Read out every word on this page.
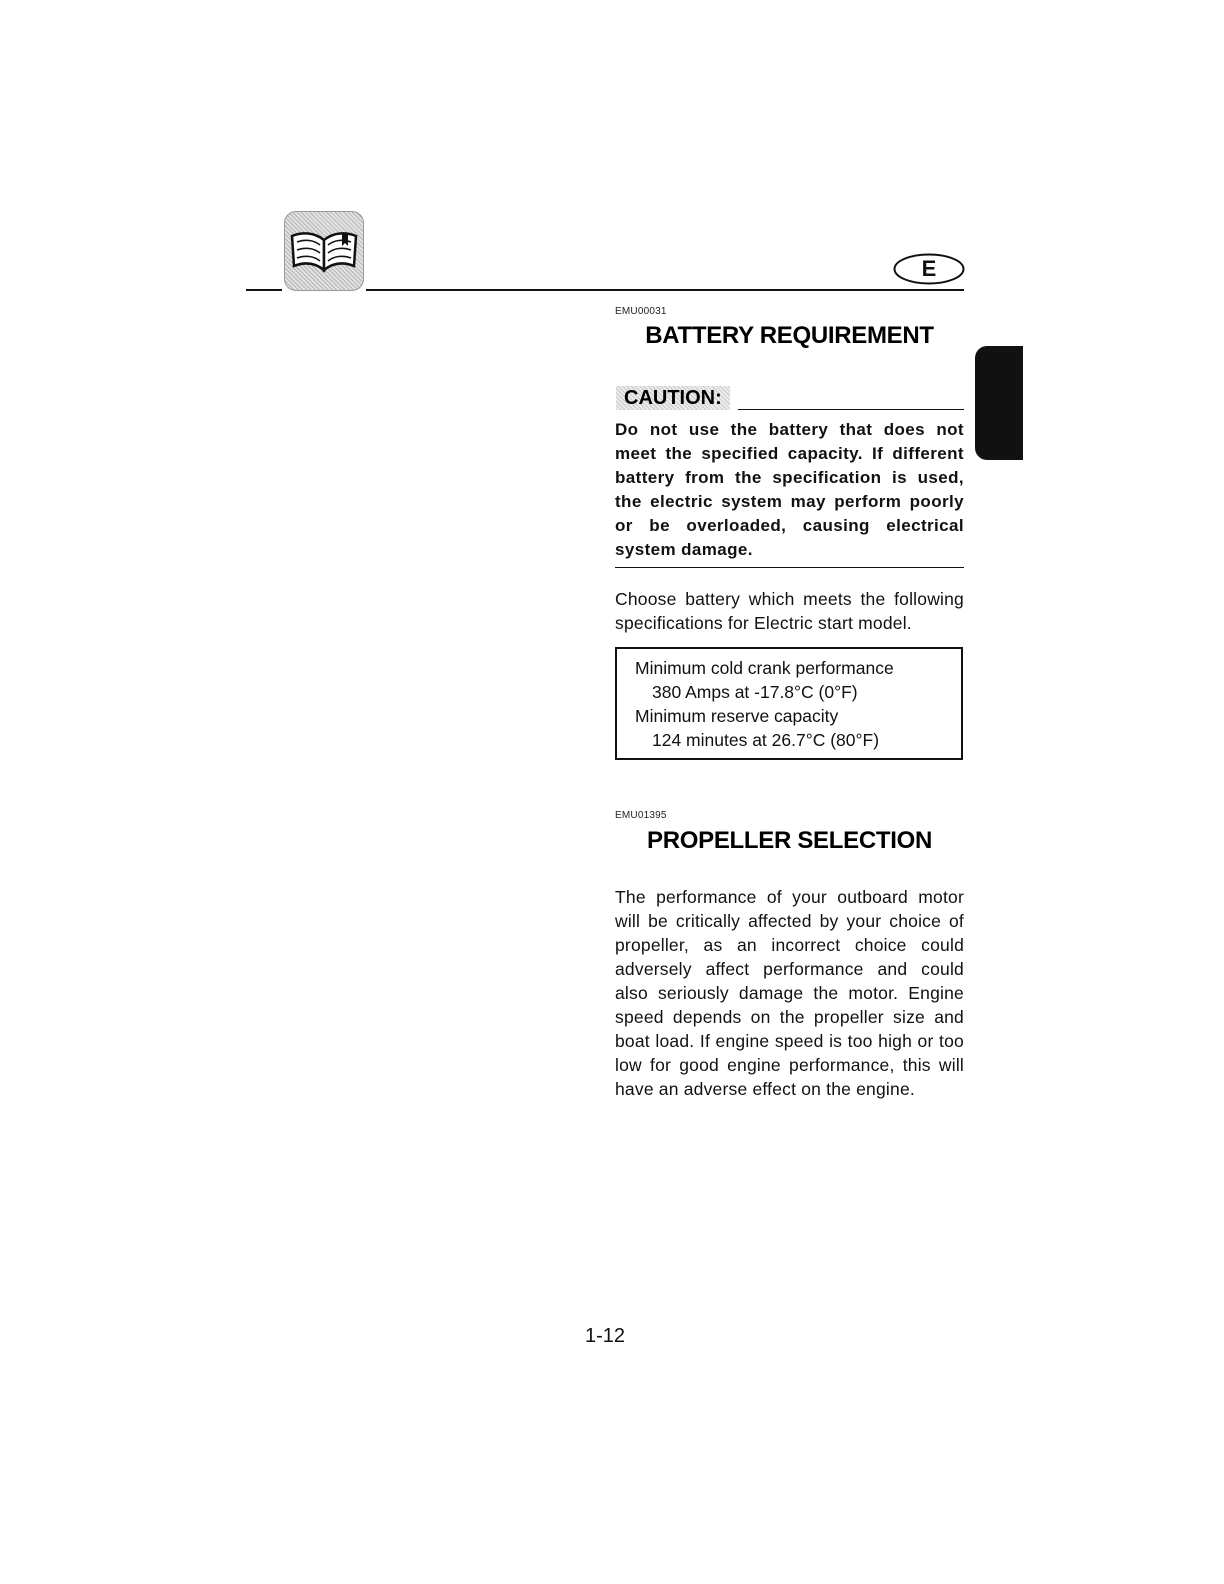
E
EMU00031
BATTERY REQUIREMENT
CAUTION:

Do not use the battery that does not meet the specified capacity. If different battery from the specification is used, the electric system may perform poorly or be overloaded, causing electrical system damage.

Choose battery which meets the following specifications for Electric start model.

Minimum cold crank performance
380 Amps at -17.8°C (0°F)
Minimum reserve capacity
124 minutes at 26.7°C (80°F)
EMU01395
PROPELLER SELECTION

The performance of your outboard motor will be critically affected by your choice of propeller, as an incorrect choice could adversely affect performance and could also seriously damage the motor. Engine speed depends on the propeller size and boat load. If engine speed is too high or too low for good engine performance, this will have an adverse effect on the engine.

1-12
